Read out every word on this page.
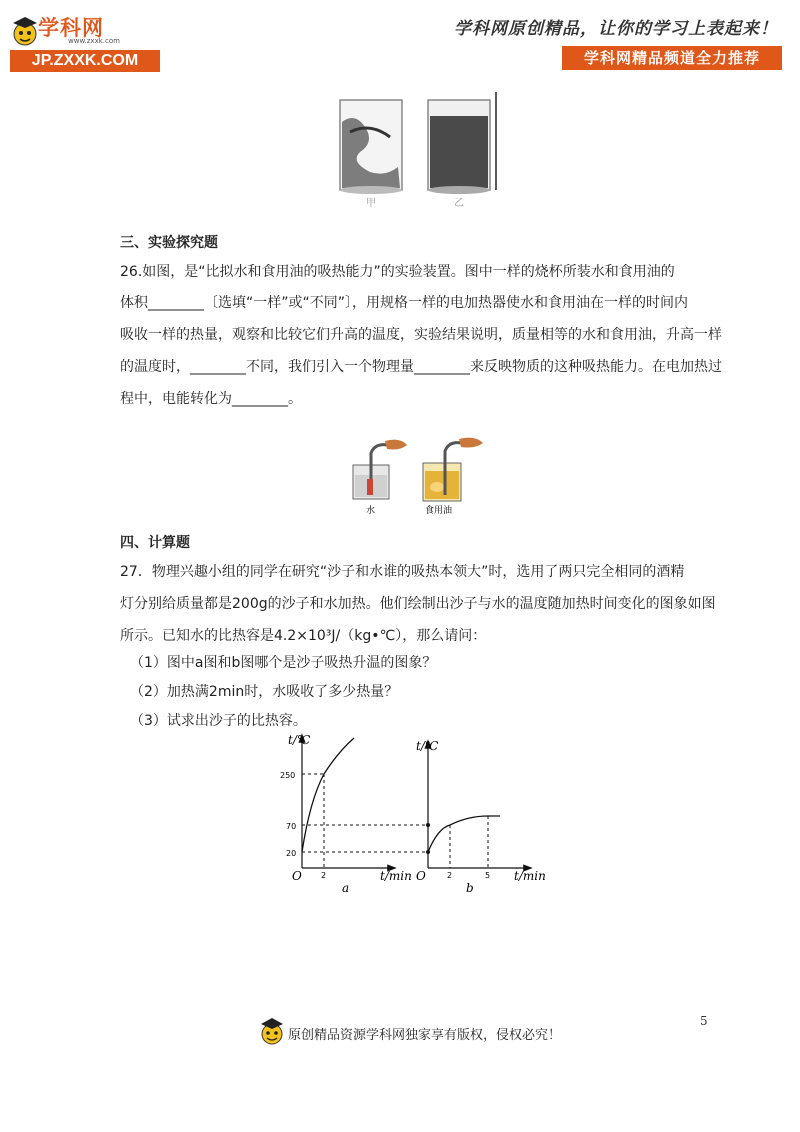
学科网
www.zxxk.com
JP.ZXXK.COM
学科网原创精品，让你的学习上表起来！
学科网精品频道全力推荐
甲	乙
三、实验探究题
26.如图，是“比拟水和食用油的吸热能力”的实验装置。图中一样的烧杯所装水和食用油的
体积________〔选填“一样”或“不同”〕，用规格一样的电加热器使水和食用油在一样的时间内
吸收一样的热量，观察和比较它们升高的温度，实验结果说明，质量相等的水和食用油，升高一样
的温度时，________不同，我们引入一个物理量________来反映物质的这种吸热能力。在电加热过
程中，电能转化为________。
水	食用油
四、计算题
27．物理兴趣小组的同学在研究“沙子和水谁的吸热本领大”时，选用了两只完全相同的酒精
灯分别给质量都是200g的沙子和水加热。他们绘制出沙子与水的温度随加热时间变化的图象如图
所示。已知水的比热容是4.2×10³J/（kg•℃），那么请问：
（1）图中a图和b图哪个是沙子吸热升温的图象？
（2）加热满2min时，水吸收了多少热量？
（3）试求出沙子的比热容。
t/℃
250
70
20
O 2	t/min
a
t/℃
O	2	5 t/min
b
原创精品资源学科网独家享有版权，侵权必究！
5
